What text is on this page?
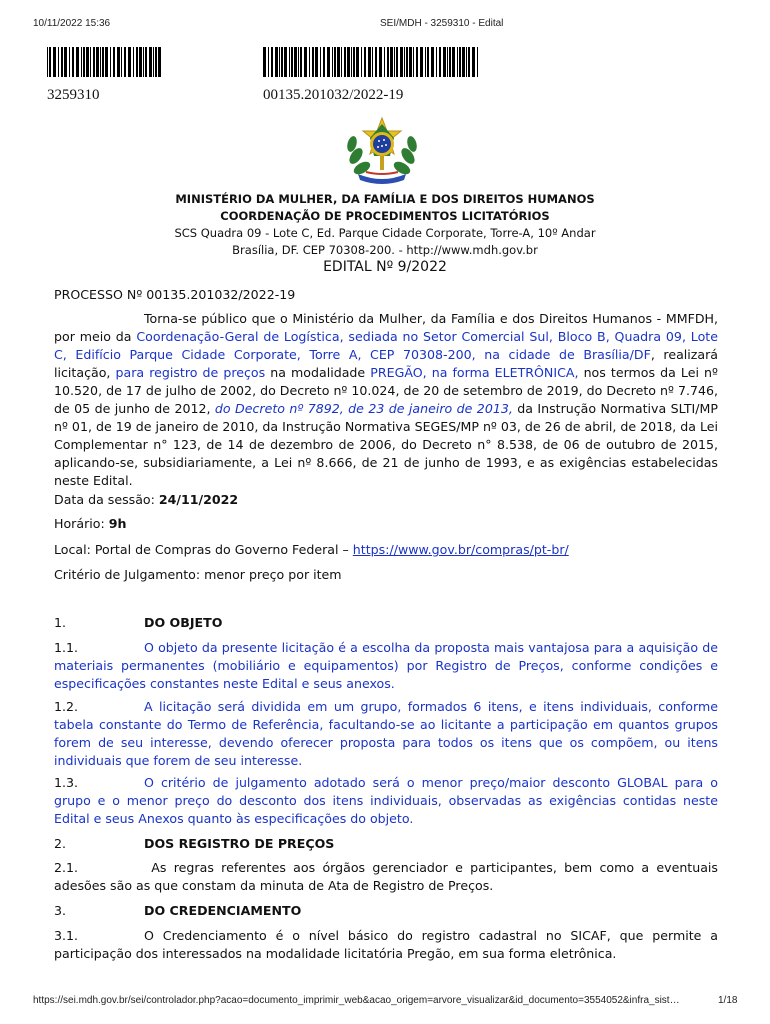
10/11/2022 15:36	SEI/MDH - 3259310 - Edital
3259310	00135.201032/2022-19
MINISTÉRIO DA MULHER, DA FAMÍLIA E DOS DIREITOS HUMANOS
COORDENAÇÃO DE PROCEDIMENTOS LICITATÓRIOS
SCS Quadra 09 - Lote C, Ed. Parque Cidade Corporate, Torre-A, 10º Andar
Brasília, DF. CEP 70308-200. - http://www.mdh.gov.br
EDITAL Nº 9/2022
PROCESSO Nº 00135.201032/2022-19

Torna-se público que o Ministério da Mulher, da Família e dos Direitos Humanos - MMFDH, por meio da Coordenação-Geral de Logística, sediada no Setor Comercial Sul, Bloco B, Quadra 09, Lote C, Edifício Parque Cidade Corporate, Torre A, CEP 70308-200, na cidade de Brasília/DF, realizará licitação, para registro de preços na modalidade PREGÃO, na forma ELETRÔNICA, nos termos da Lei nº 10.520, de 17 de julho de 2002, do Decreto nº 10.024, de 20 de setembro de 2019, do Decreto nº 7.746, de 05 de junho de 2012, do Decreto nº 7892, de 23 de janeiro de 2013, da Instrução Normativa SLTI/MP nº 01, de 19 de janeiro de 2010, da Instrução Normativa SEGES/MP nº 03, de 26 de abril, de 2018, da Lei Complementar n° 123, de 14 de dezembro de 2006, do Decreto n° 8.538, de 06 de outubro de 2015, aplicando-se, subsidiariamente, a Lei nº 8.666, de 21 de junho de 1993, e as exigências estabelecidas neste Edital.

Data da sessão: 24/11/2022
Horário: 9h
Local: Portal de Compras do Governo Federal – https://www.gov.br/compras/pt-br/
Critério de Julgamento: menor preço por item
1.	DO OBJETO

1.1.	O objeto da presente licitação é a escolha da proposta mais vantajosa para a aquisição de materiais permanentes (mobiliário e equipamentos) por Registro de Preços, conforme condições e especificações constantes neste Edital e seus anexos.

1.2.	A licitação será dividida em um grupo, formados 6 itens, e itens individuais, conforme tabela constante do Termo de Referência, facultando-se ao licitante a participação em quantos grupos forem de seu interesse, devendo oferecer proposta para todos os itens que os compõem, ou itens individuais que forem de seu interesse.

1.3.	O critério de julgamento adotado será o menor preço/maior desconto GLOBAL para o grupo e o menor preço do desconto dos itens individuais, observadas as exigências contidas neste Edital e seus Anexos quanto às especificações do objeto.

2.	DOS REGISTRO DE PREÇOS

2.1.	As regras referentes aos órgãos gerenciador e participantes, bem como a eventuais adesões são as que constam da minuta de Ata de Registro de Preços.

3.	DO CREDENCIAMENTO

3.1.	O Credenciamento é o nível básico do registro cadastral no SICAF, que permite a participação dos interessados na modalidade licitatória Pregão, em sua forma eletrônica.

https://sei.mdh.gov.br/sei/controlador.php?acao=documento_imprimir_web&acao_origem=arvore_visualizar&id_documento=3554052&infra_sist…	1/18
